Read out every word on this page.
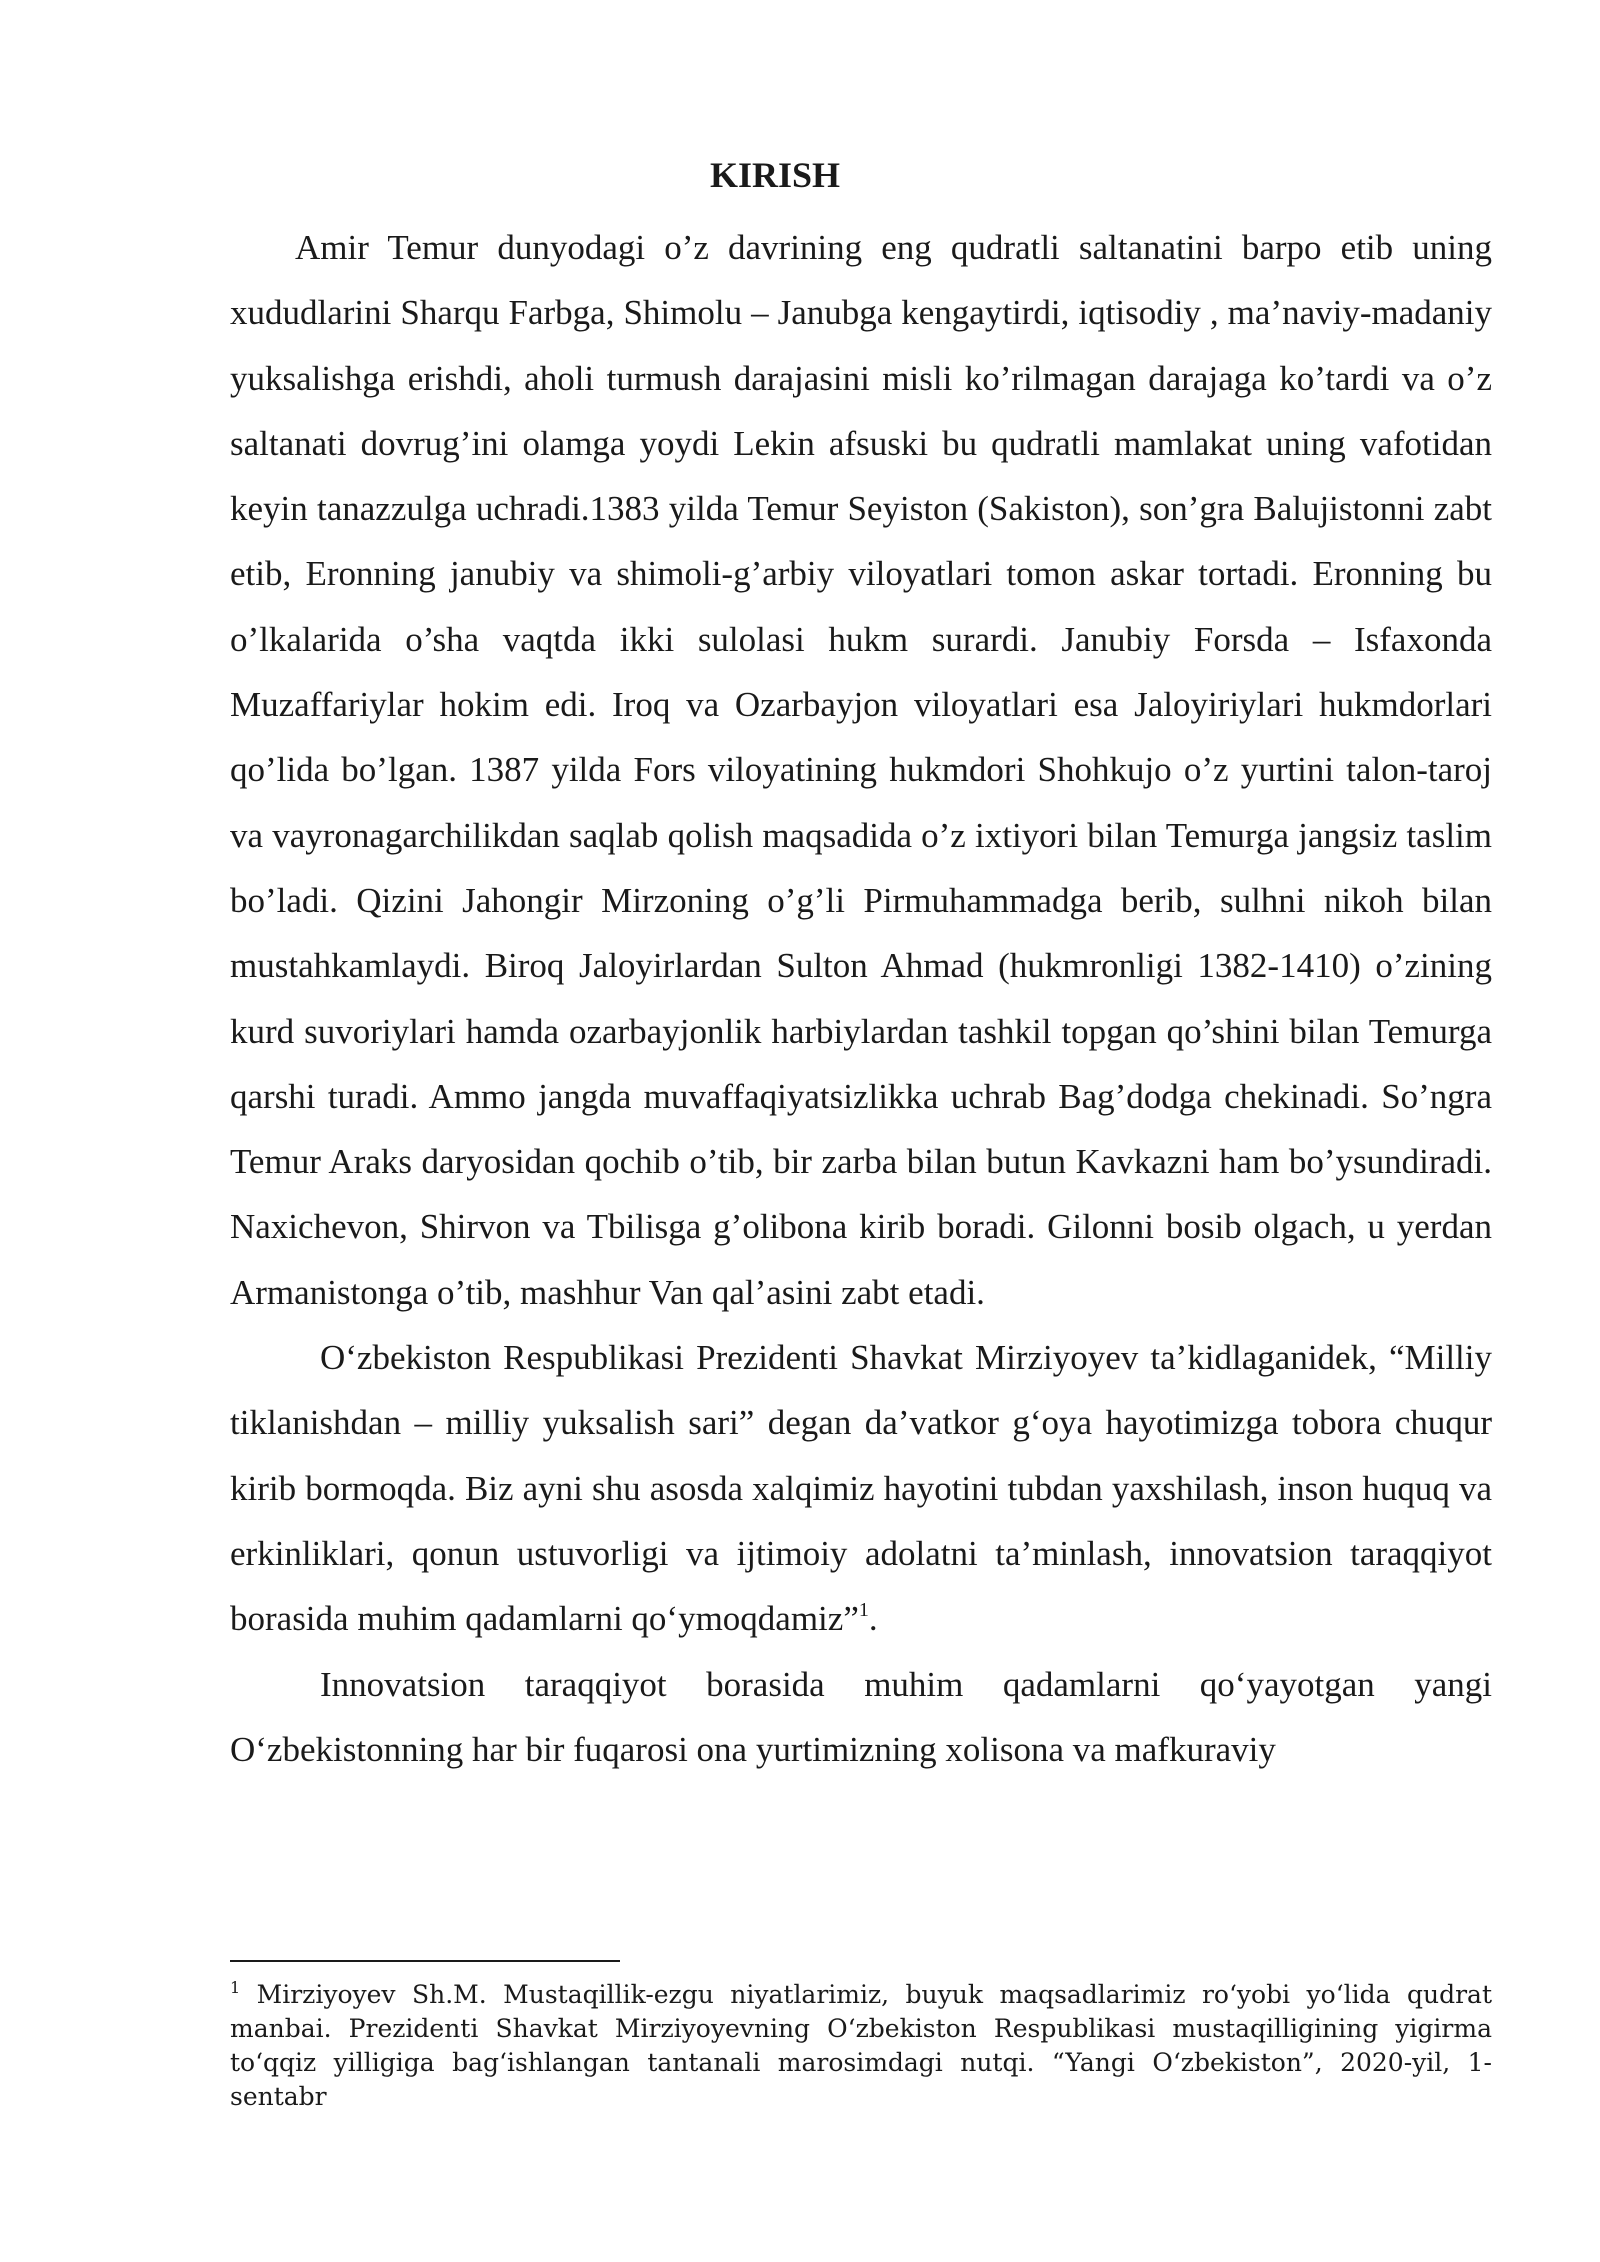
KIRISH

Amir Temur dunyodagi o’z davrining eng qudratli saltanatini barpo etib uning xududlarini Sharqu Farbga, Shimolu – Janubga kengaytirdi, iqtisodiy , ma’naviy-madaniy yuksalishga erishdi, aholi turmush darajasini misli ko’rilmagan darajaga ko’tardi va o’z saltanati dovrug’ini olamga yoydi Lekin afsuski bu qudratli mamlakat uning vafotidan keyin tanazzulga uchradi.1383 yilda Temur Seyiston (Sakiston), son’gra Balujistonni zabt etib, Eronning janubiy va shimoli-g’arbiy viloyatlari tomon askar tortadi. Eronning bu o’lkalarida o’sha vaqtda ikki sulolasi hukm surardi. Janubiy Forsda – Isfaxonda Muzaffariylar hokim edi. Iroq va Ozarbayjon viloyatlari esa Jaloyiriylari hukmdorlari qo’lida bo’lgan. 1387 yilda Fors viloyatining hukmdori Shohkujo o’z yurtini talon-taroj va vayronagarchilikdan saqlab qolish maqsadida o’z ixtiyori bilan Temurga jangsiz taslim bo’ladi. Qizini Jahongir Mirzoning o’g’li Pirmuhammadga berib, sulhni nikoh bilan mustahkamlaydi. Biroq Jaloyirlardan Sulton Ahmad (hukmronligi 1382-1410) o’zining kurd suvoriylari hamda ozarbayjonlik harbiylardan tashkil topgan qo’shini bilan Temurga qarshi turadi. Ammo jangda muvaffaqiyatsizlikka uchrab Bag’dodga chekinadi. So’ngra Temur Araks daryosidan qochib o’tib, bir zarba bilan butun Kavkazni ham bo’ysundiradi. Naxichevon, Shirvon va Tbilisga g’olibona kirib boradi. Gilonni bosib olgach, u yerdan Armanistonga o’tib, mashhur Van qal’asini zabt etadi.

O‘zbekiston Respublikasi Prezidenti Shavkat Mirziyoyev ta’kidlaganidek, “Milliy tiklanishdan – milliy yuksalish sari” degan da’vatkor g‘oya hayotimizga tobora chuqur kirib bormoqda. Biz ayni shu asosda xalqimiz hayotini tubdan yaxshilash, inson huquq va erkinliklari, qonun ustuvorligi va ijtimoiy adolatni ta’minlash, innovatsion taraqqiyot borasida muhim qadamlarni qo‘ymoqdamiz”$^1$.

Innovatsion taraqqiyot borasida muhim qadamlarni qo‘yayotgan yangi O‘zbekistonning har bir fuqarosi ona yurtimizning xolisona va mafkuraviy

$^1$ Mirziyoyev Sh.M. Mustaqillik-ezgu niyatlarimiz, buyuk maqsadlarimiz ro‘yobi yo‘lida qudrat manbai. Prezidenti Shavkat Mirziyoyevning O‘zbekiston Respublikasi mustaqilligining yigirma to‘qqiz yilligiga bag‘ishlangan tantanali marosimdagi nutqi. “Yangi O‘zbekiston”, 2020-yil, 1-sentabr
